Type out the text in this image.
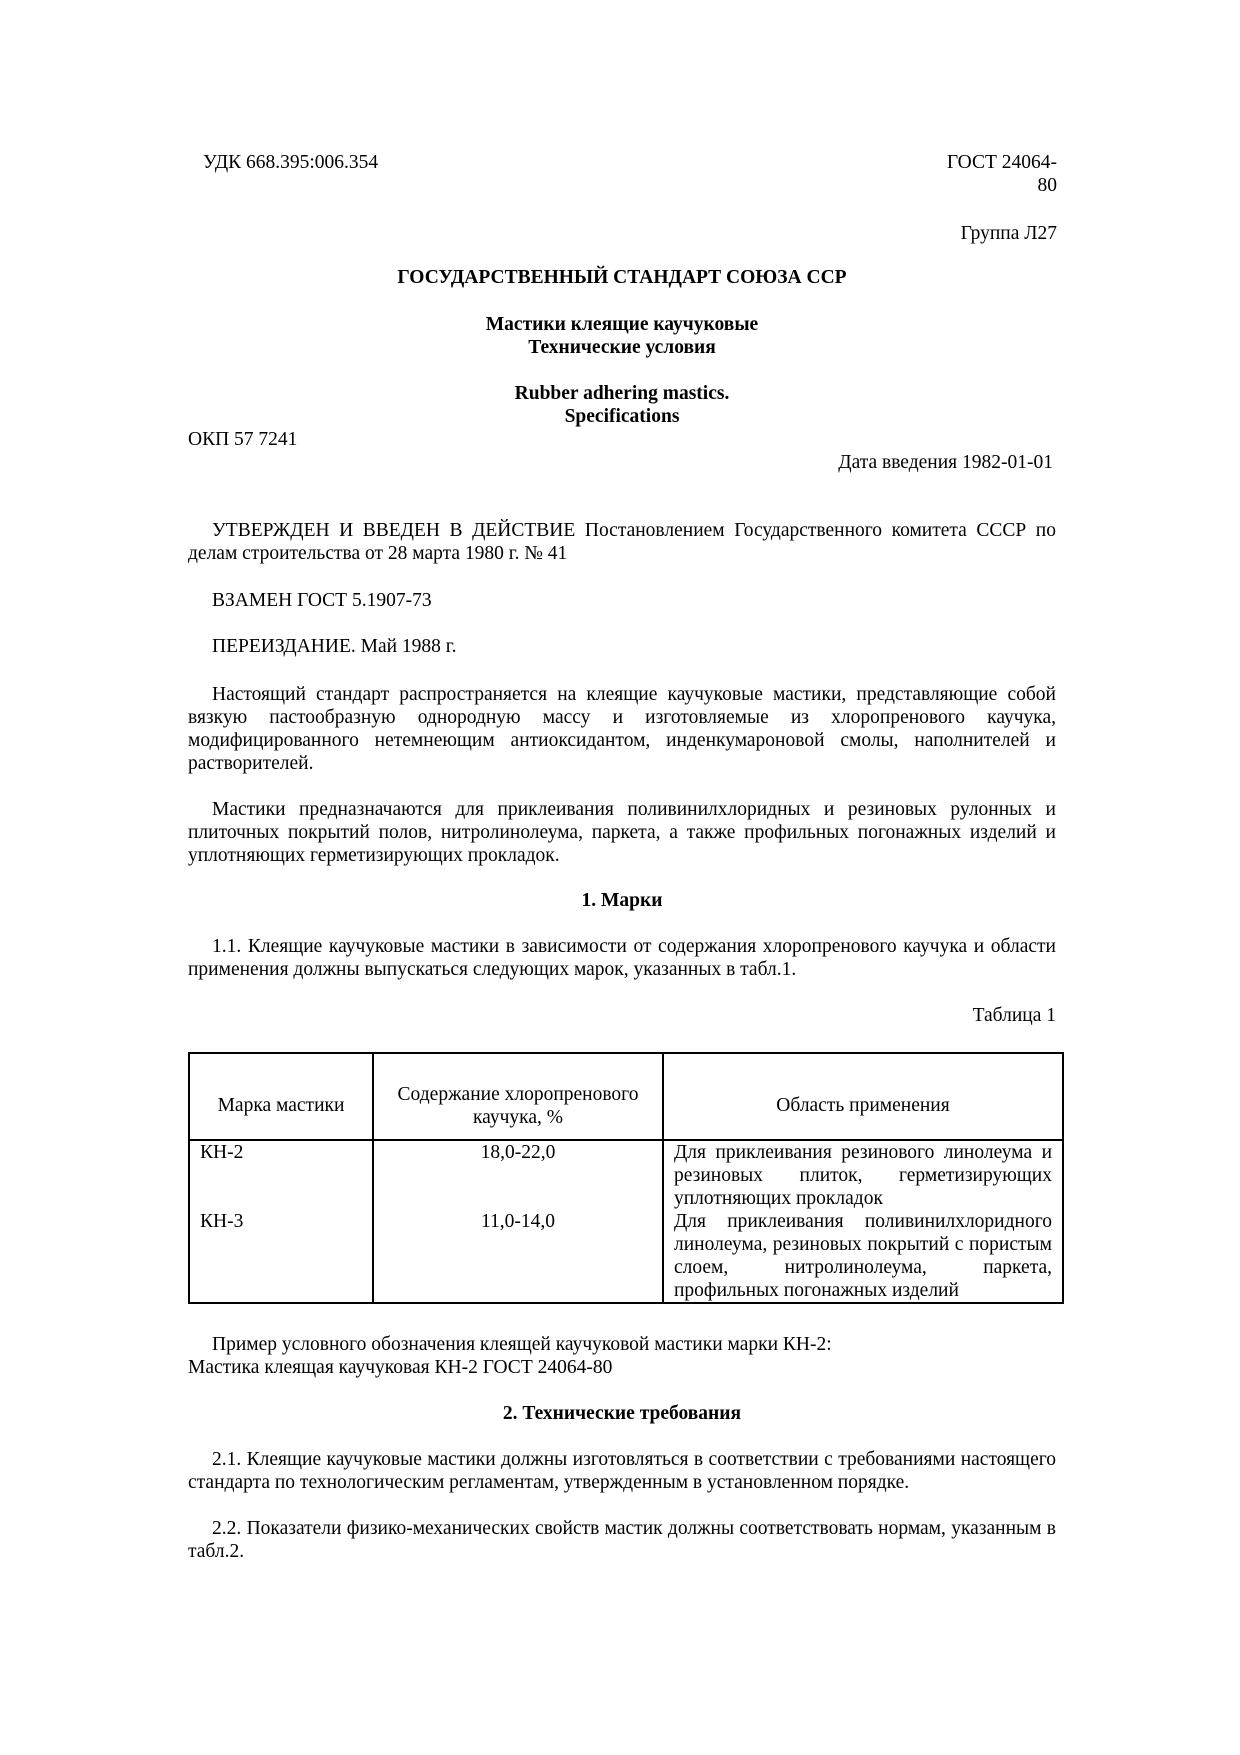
УДК 668.395:006.354	ГОСТ 24064-
80
Группа Л27
ГОСУДАРСТВЕННЫЙ СТАНДАРТ СОЮЗА ССР
Мастики клеящие каучуковые
Технические условия
Rubber adhering mastics.
Specifications
ОКП 57 7241
Дата введения 1982-01-01
УТВЕРЖДЕН И ВВЕДЕН В ДЕЙСТВИЕ Постановлением Государственного комитета СССР по делам строительства от 28 марта 1980 г. № 41
ВЗАМЕН ГОСТ 5.1907-73
ПЕРЕИЗДАНИЕ. Май 1988 г.
Настоящий стандарт распространяется на клеящие каучуковые мастики, представляющие собой вязкую пастообразную однородную массу и изготовляемые из хлоропренового каучука, модифицированного нетемнеющим антиоксидантом, инденкумароновой смолы, наполнителей и растворителей.
Мастики предназначаются для приклеивания поливинилхлоридных и резиновых рулонных и плиточных покрытий полов, нитролинолеума, паркета, а также профильных погонажных изделий и уплотняющих герметизирующих прокладок.
1. Марки
1.1. Клеящие каучуковые мастики в зависимости от содержания хлоропренового каучука и области применения должны выпускаться следующих марок, указанных в табл.1.
Таблица 1
Марка мастики	Содержание хлоропренового каучука, %	Область применения
КН-2	18,0-22,0	Для приклеивания резинового линолеума и резиновых плиток, герметизирующих уплотняющих прокладок
КН-3	11,0-14,0	Для приклеивания поливинилхлоридного линолеума, резиновых покрытий с пористым слоем, нитролинолеума, паркета, профильных погонажных изделий
Пример условного обозначения клеящей каучуковой мастики марки КН-2:
Мастика клеящая каучуковая КН-2 ГОСТ 24064-80
2. Технические требования
2.1. Клеящие каучуковые мастики должны изготовляться в соответствии с требованиями настоящего стандарта по технологическим регламентам, утвержденным в установленном порядке.
2.2. Показатели физико-механических свойств мастик должны соответствовать нормам, указанным в табл.2.
